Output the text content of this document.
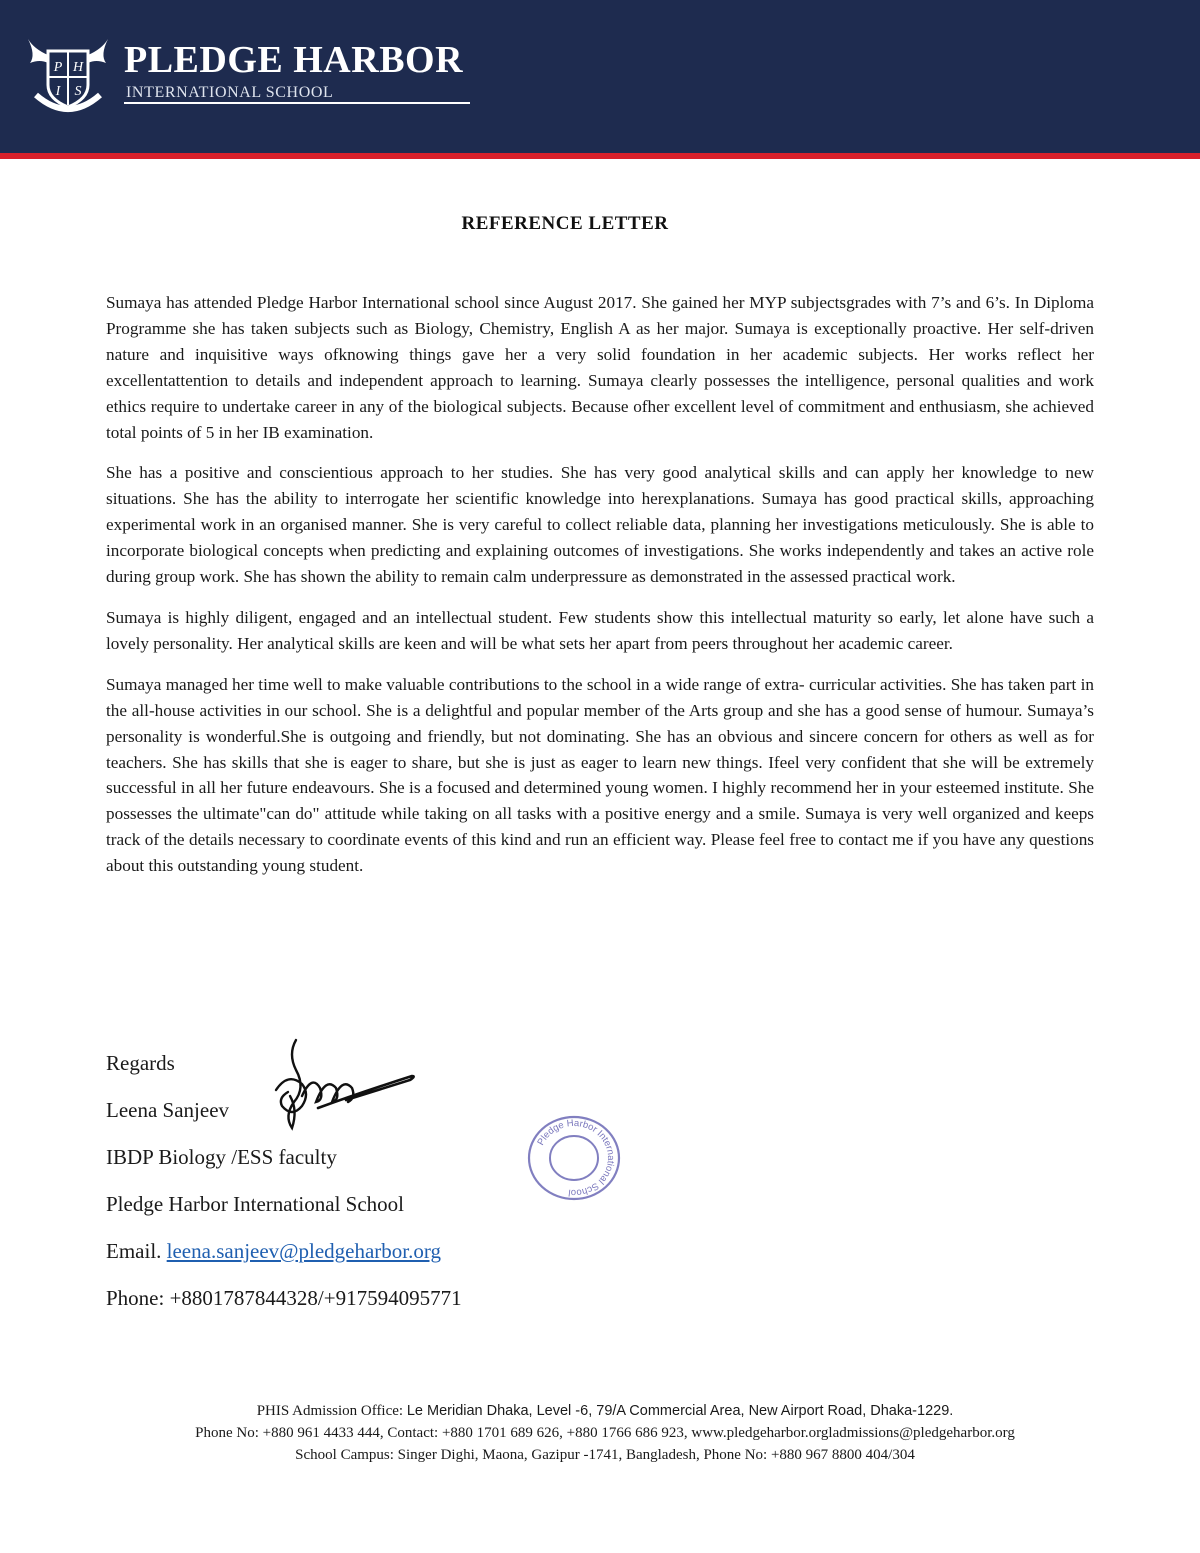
P H
I S
PLEDGE HARBOR
INTERNATIONAL SCHOOL
REFERENCE LETTER

Sumaya has attended Pledge Harbor International school since August 2017. She gained her MYP subjectsgrades with 7’s and 6’s. In Diploma Programme she has taken subjects such as Biology, Chemistry, English A as her major. Sumaya is exceptionally proactive. Her self-driven nature and inquisitive ways ofknowing things gave her a very solid foundation in her academic subjects. Her works reflect her excellentattention to details and independent approach to learning. Sumaya clearly possesses the intelligence, personal qualities and work ethics require to undertake career in any of the biological subjects. Because ofher excellent level of commitment and enthusiasm, she achieved total points of 5 in her IB examination.

She has a positive and conscientious approach to her studies. She has very good analytical skills and can apply her knowledge to new situations. She has the ability to interrogate her scientific knowledge into herexplanations. Sumaya has good practical skills, approaching experimental work in an organised manner. She is very careful to collect reliable data, planning her investigations meticulously. She is able to incorporate biological concepts when predicting and explaining outcomes of investigations. She works independently and takes an active role during group work. She has shown the ability to remain calm underpressure as demonstrated in the assessed practical work.

Sumaya is highly diligent, engaged and an intellectual student. Few students show this intellectual maturity so early, let alone have such a lovely personality. Her analytical skills are keen and will be what sets her apart from peers throughout her academic career.

Sumaya managed her time well to make valuable contributions to the school in a wide range of extra- curricular activities. She has taken part in the all-house activities in our school. She is a delightful and popular member of the Arts group and she has a good sense of humour. Sumaya’s personality is wonderful.She is outgoing and friendly, but not dominating. She has an obvious and sincere concern for others as well as for teachers. She has skills that she is eager to share, but she is just as eager to learn new things. Ifeel very confident that she will be extremely successful in all her future endeavours. She is a focused and determined young women. I highly recommend her in your esteemed institute. She possesses the ultimate"can do" attitude while taking on all tasks with a positive energy and a smile. Sumaya is very well organized and keeps track of the details necessary to coordinate events of this kind and run an efficient way. Please feel free to contact me if you have any questions about this outstanding young student.

Regards
Leena Sanjeev
IBDP Biology /ESS faculty
Pledge Harbor International School
Email. leena.sanjeev@pledgeharbor.org
Phone: +8801787844328/+917594095771
Pledge Harbor International School
PHIS Admission Office: Le Meridian Dhaka, Level -6, 79/A Commercial Area, New Airport Road, Dhaka-1229.
Phone No: +880 961 4433 444, Contact: +880 1701 689 626, +880 1766 686 923, www.pledgeharbor.orgladmissions@pledgeharbor.org
School Campus: Singer Dighi, Maona, Gazipur -1741, Bangladesh, Phone No: +880 967 8800 404/304
